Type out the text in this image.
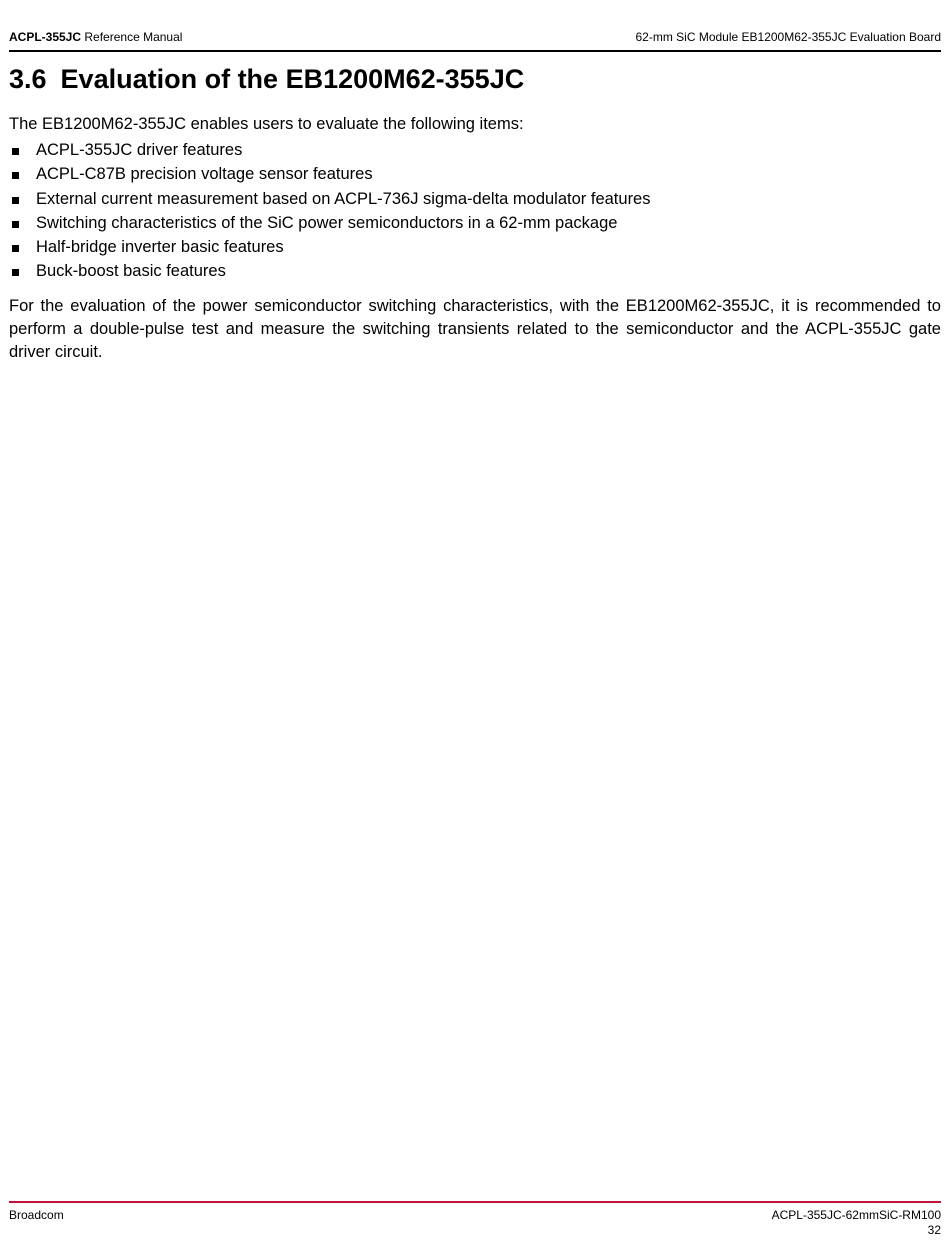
ACPL-355JC Reference Manual	62-mm SiC Module EB1200M62-355JC Evaluation Board
3.6 Evaluation of the EB1200M62-355JC

The EB1200M62-355JC enables users to evaluate the following items:

ACPL-355JC driver features
ACPL-C87B precision voltage sensor features
External current measurement based on ACPL-736J sigma-delta modulator features
Switching characteristics of the SiC power semiconductors in a 62-mm package
Half-bridge inverter basic features
Buck-boost basic features

For the evaluation of the power semiconductor switching characteristics, with the EB1200M62-355JC, it is recommended to perform a double-pulse test and measure the switching transients related to the semiconductor and the ACPL-355JC gate driver circuit.

Broadcom	ACPL-355JC-62mmSiC-RM100
32
